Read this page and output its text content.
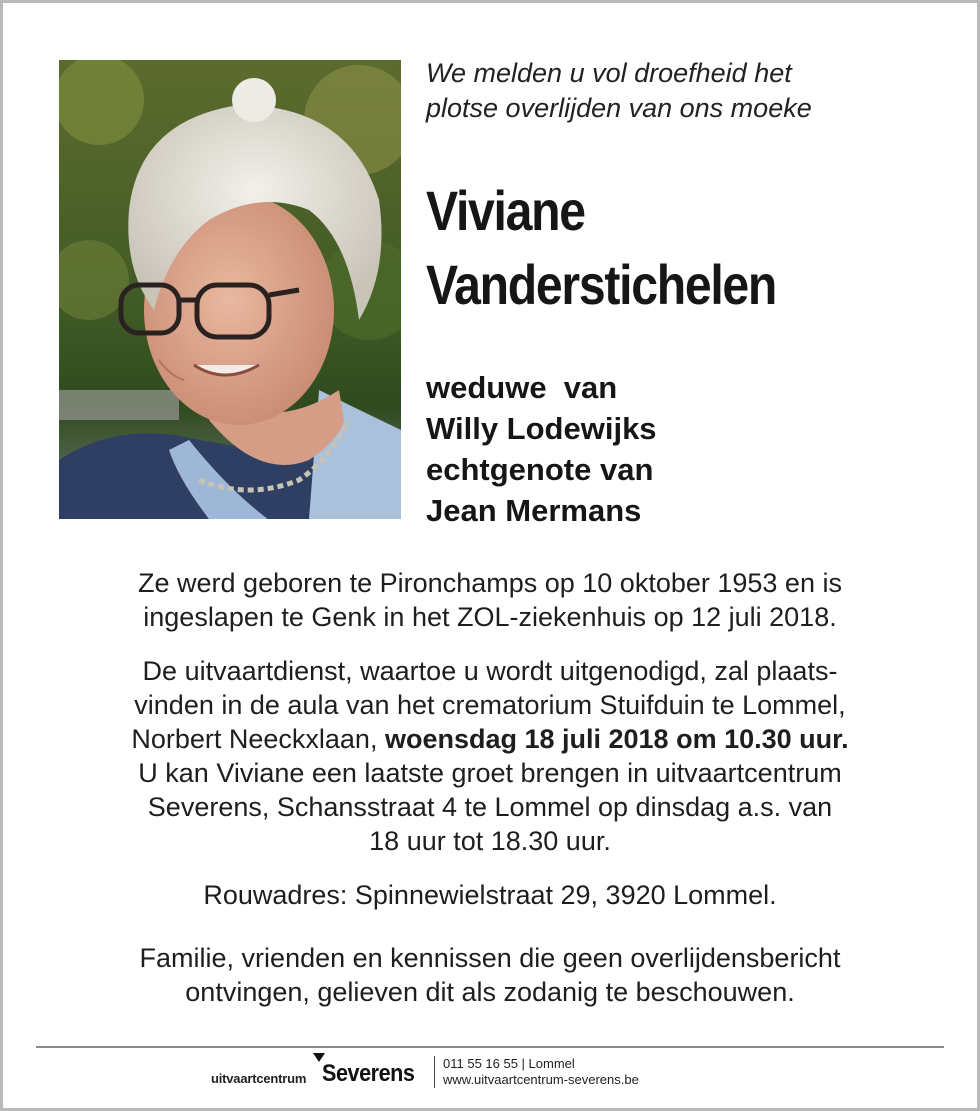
We melden u vol droefheid het
plotse overlijden van ons moeke
Viviane
Vanderstichelen
weduwe  van
Willy Lodewijks
echtgenote van
Jean Mermans
Ze werd geboren te Pironchamps op 10 oktober 1953 en is
ingeslapen te Genk in het ZOL-ziekenhuis op 12 juli 2018.
De uitvaartdienst, waartoe u wordt uitgenodigd, zal plaats-
vinden in de aula van het crematorium Stuifduin te Lommel,
Norbert Neeckxlaan, woensdag 18 juli 2018 om 10.30 uur.
U kan Viviane een laatste groet brengen in uitvaartcentrum
Severens, Schansstraat 4 te Lommel op dinsdag a.s. van
18 uur tot 18.30 uur.
Rouwadres: Spinnewielstraat 29, 3920 Lommel.
Familie, vrienden en kennissen die geen overlijdensbericht
ontvingen, gelieven dit als zodanig te beschouwen.
uitvaartcentrum Severens 011 55 16 55 | Lommel
www.uitvaartcentrum-severens.be
